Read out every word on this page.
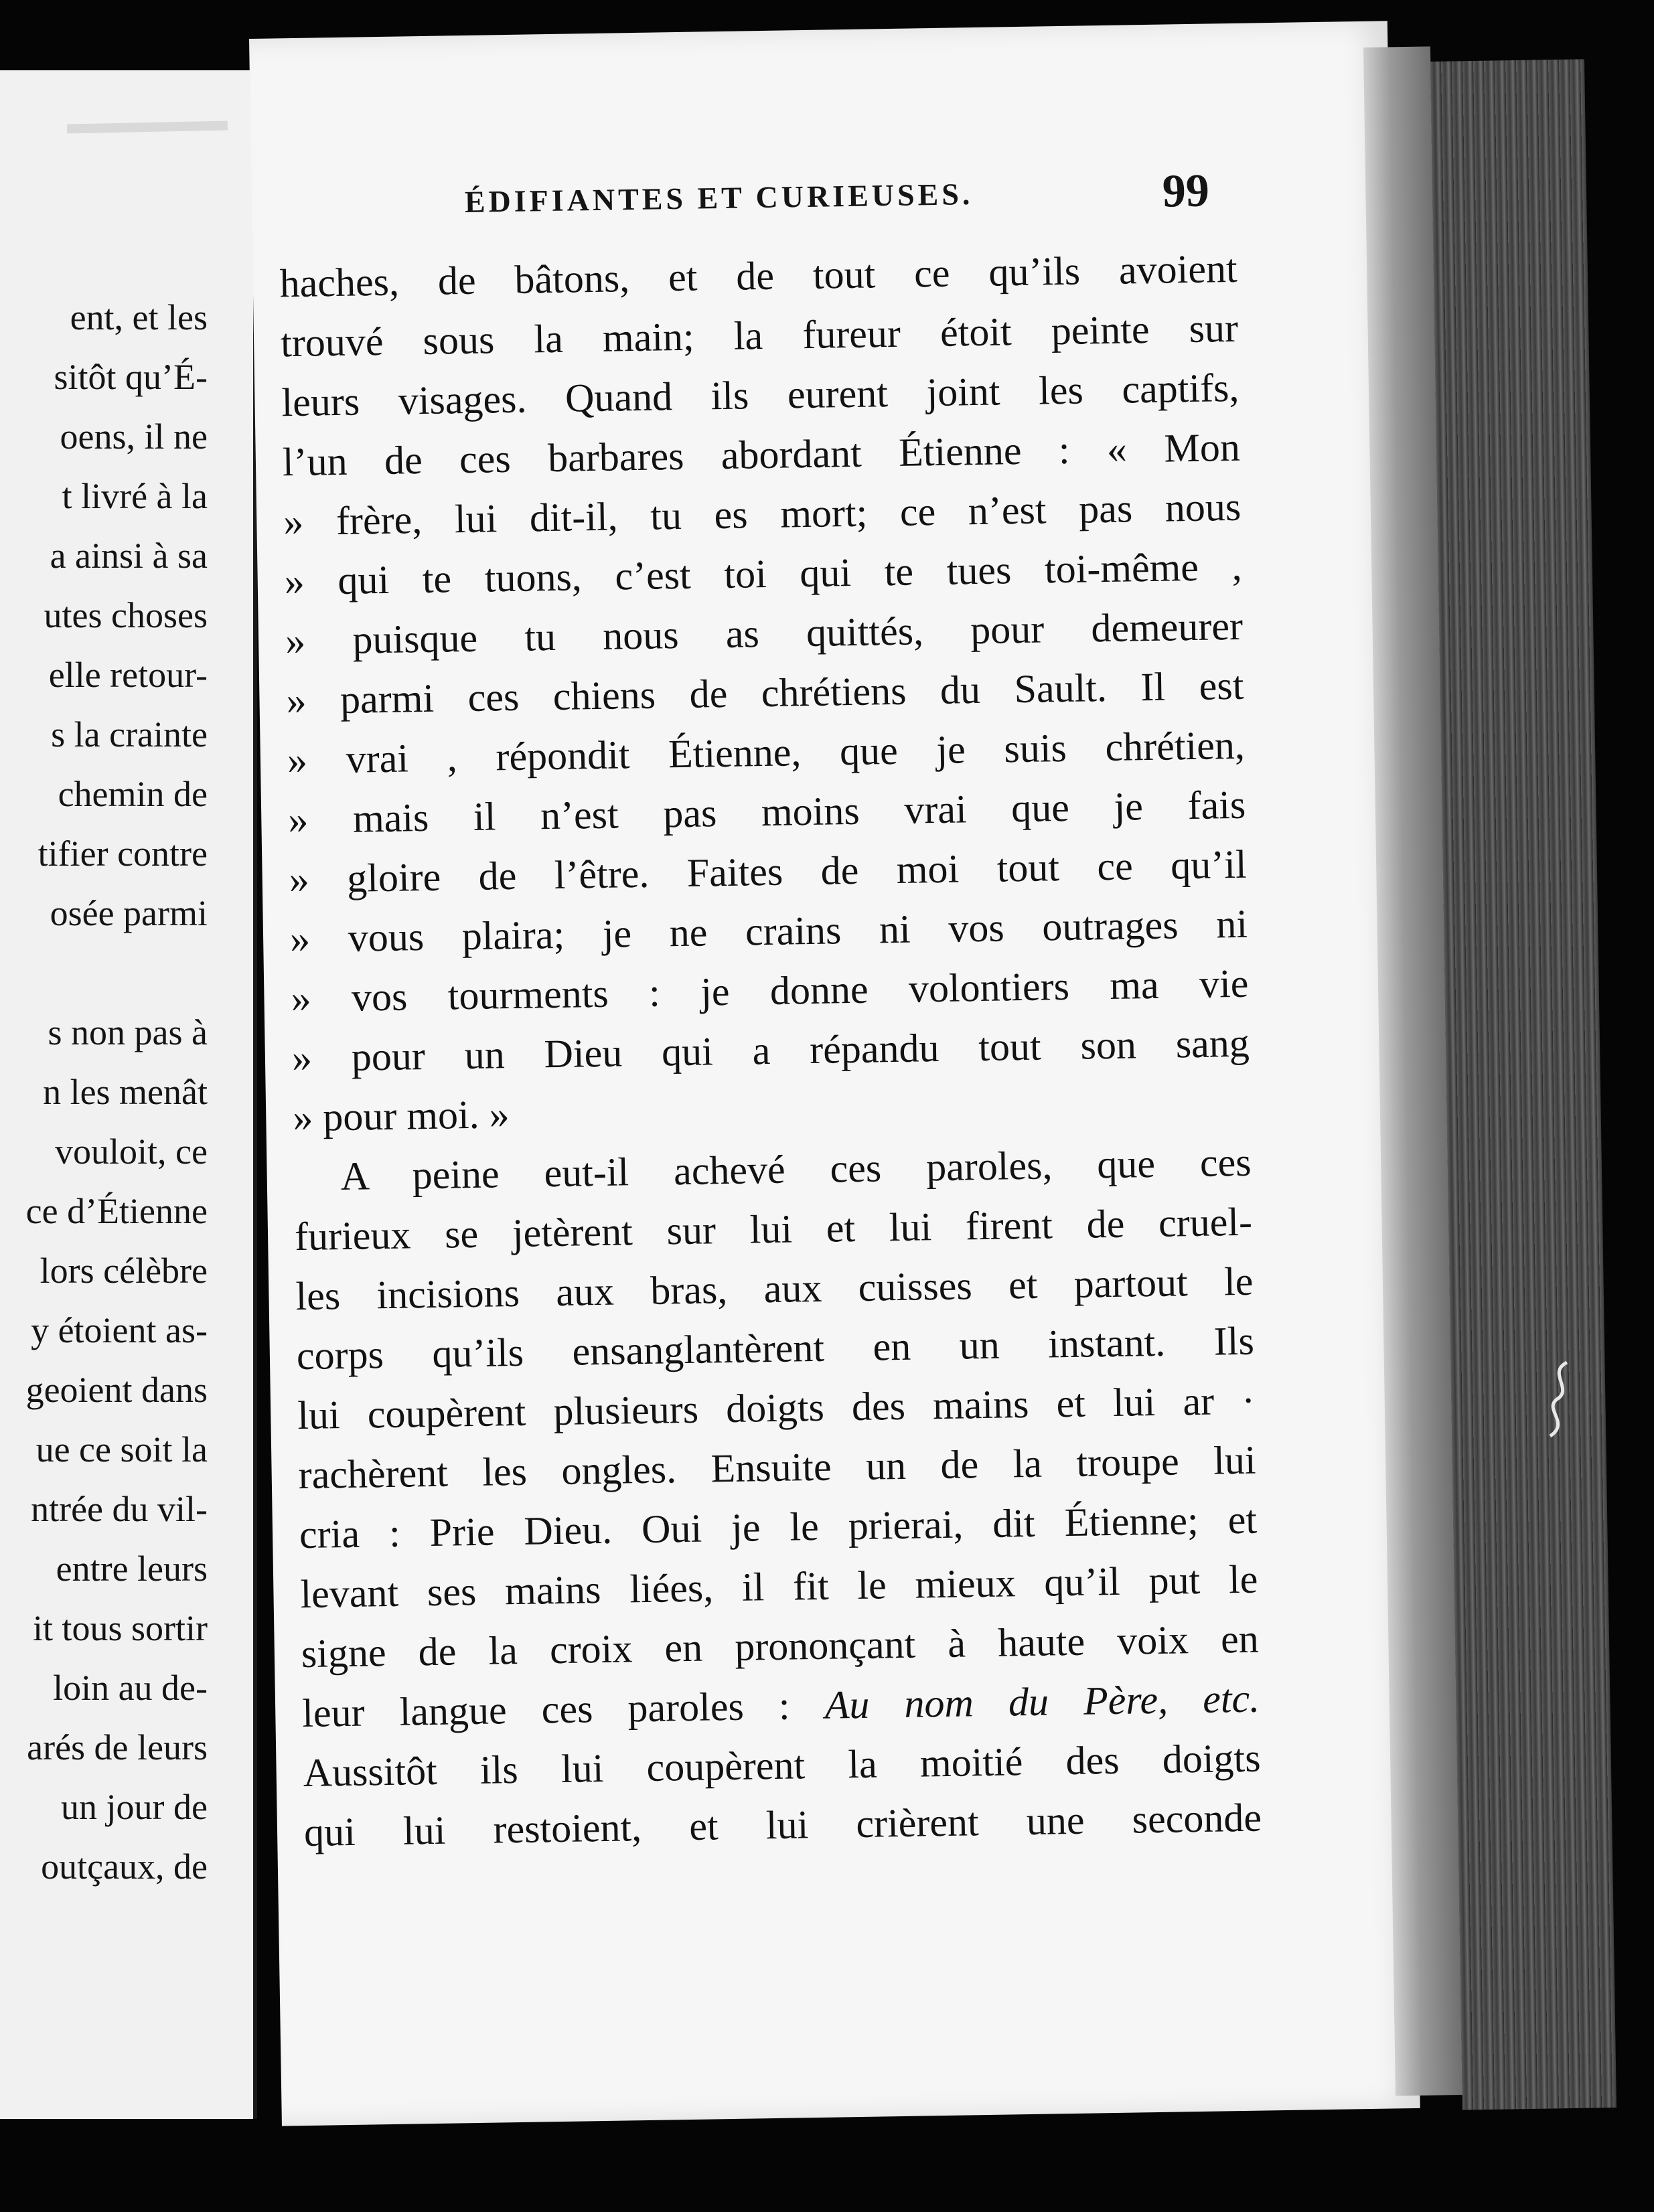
ent, et les

sitôt qu’É-

oens, il ne

t livré à la

a ainsi à sa

utes choses

elle retour-

s la crainte

chemin de

tifier contre

osée parmi

s non pas à

n les menât

vouloit, ce

ce d’Étienne

lors célèbre

y étoient as-

geoient dans

ue ce soit la

ntrée du vil-

entre leurs

it tous sortir

loin au de-

arés de leurs

un jour de

outçaux, de

ÉDIFIANTES ET CURIEUSES.	99

haches, de bâtons, et de tout ce qu’ils avoient

trouvé sous la main; la fureur étoit peinte sur

leurs visages. Quand ils eurent joint les captifs,

l’un de ces barbares abordant Étienne : « Mon

» frère, lui dit-il, tu es mort; ce n’est pas nous

» qui te tuons, c’est toi qui te tues toi-même ,

» puisque tu nous as quittés, pour demeurer

» parmi ces chiens de chrétiens du Sault. Il est

» vrai , répondit Étienne, que je suis chrétien,

» mais il n’est pas moins vrai que je fais

» gloire de l’être. Faites de moi tout ce qu’il

» vous plaira; je ne crains ni vos outrages ni

» vos tourments : je donne volontiers ma vie

» pour un Dieu qui a répandu tout son sang

» pour moi. »

A peine eut-il achevé ces paroles, que ces

furieux se jetèrent sur lui et lui firent de cruel-

les incisions aux bras, aux cuisses et partout le

corps qu’ils ensanglantèrent en un instant. Ils

lui coupèrent plusieurs doigts des mains et lui ar ·

rachèrent les ongles. Ensuite un de la troupe lui

cria : Prie Dieu. Oui je le prierai, dit Étienne; et

levant ses mains liées, il fit le mieux qu’il put le

signe de la croix en prononçant à haute voix en

leur langue ces paroles : Au nom du Père, etc.

Aussitôt ils lui coupèrent la moitié des doigts

qui lui restoient, et lui crièrent une seconde
